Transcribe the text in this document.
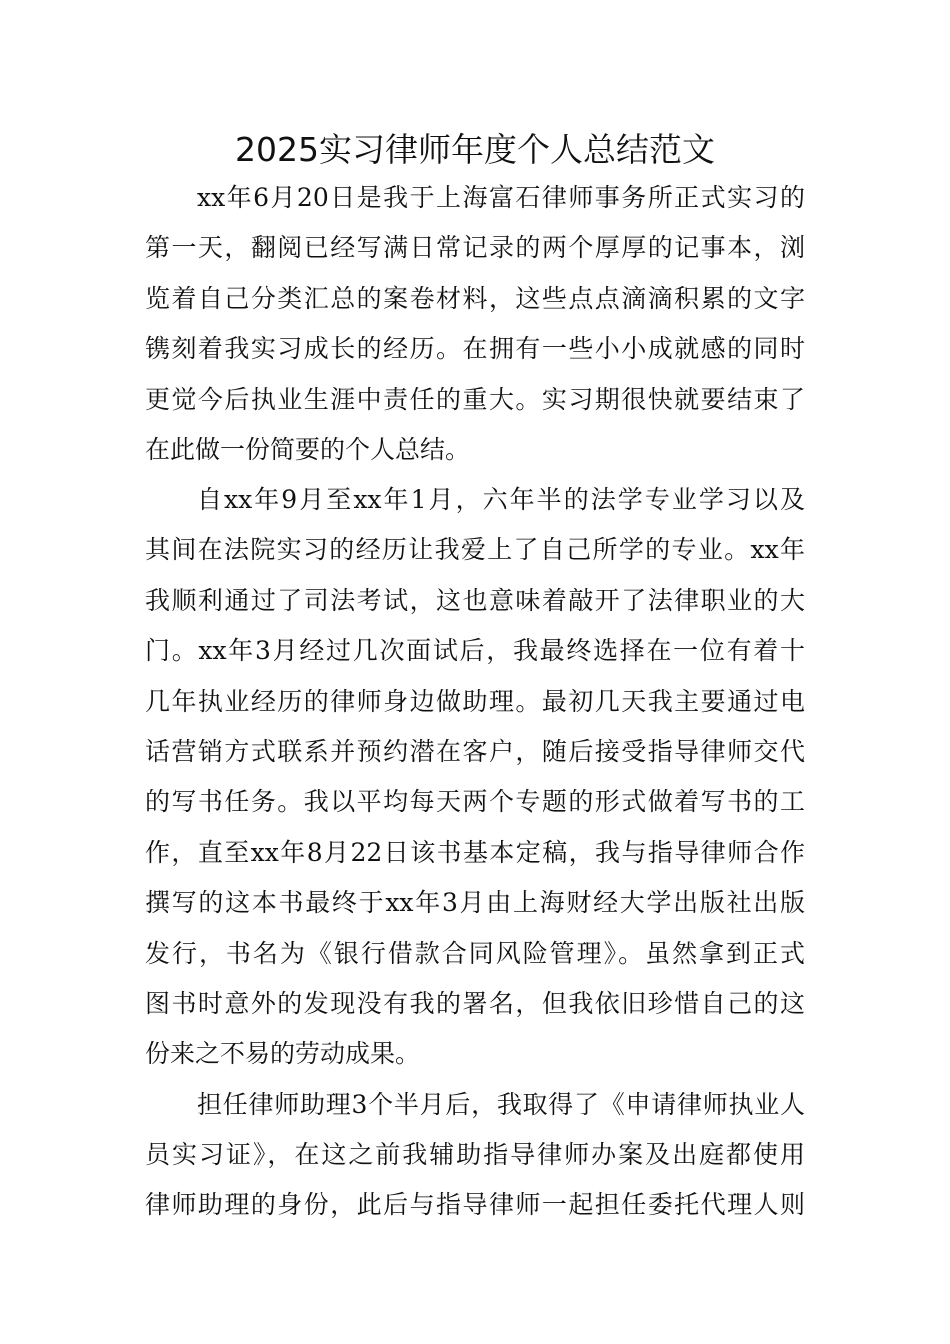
2025实习律师年度个人总结范文

xx年6月20日是我于上海富石律师事务所正式实习的

第一天，翻阅已经写满日常记录的两个厚厚的记事本，浏

览着自己分类汇总的案卷材料，这些点点滴滴积累的文字

镌刻着我实习成长的经历。在拥有一些小小成就感的同时

更觉今后执业生涯中责任的重大。实习期很快就要结束了

在此做一份简要的个人总结。

自xx年9月至xx年1月，六年半的法学专业学习以及

其间在法院实习的经历让我爱上了自己所学的专业。xx年

我顺利通过了司法考试，这也意味着敲开了法律职业的大

门。xx年3月经过几次面试后，我最终选择在一位有着十

几年执业经历的律师身边做助理。最初几天我主要通过电

话营销方式联系并预约潜在客户，随后接受指导律师交代

的写书任务。我以平均每天两个专题的形式做着写书的工

作，直至xx年8月22日该书基本定稿，我与指导律师合作

撰写的这本书最终于xx年3月由上海财经大学出版社出版

发行，书名为《银行借款合同风险管理》。虽然拿到正式

图书时意外的发现没有我的署名，但我依旧珍惜自己的这

份来之不易的劳动成果。

担任律师助理3个半月后，我取得了《申请律师执业人

员实习证》，在这之前我辅助指导律师办案及出庭都使用

律师助理的身份，此后与指导律师一起担任委托代理人则
